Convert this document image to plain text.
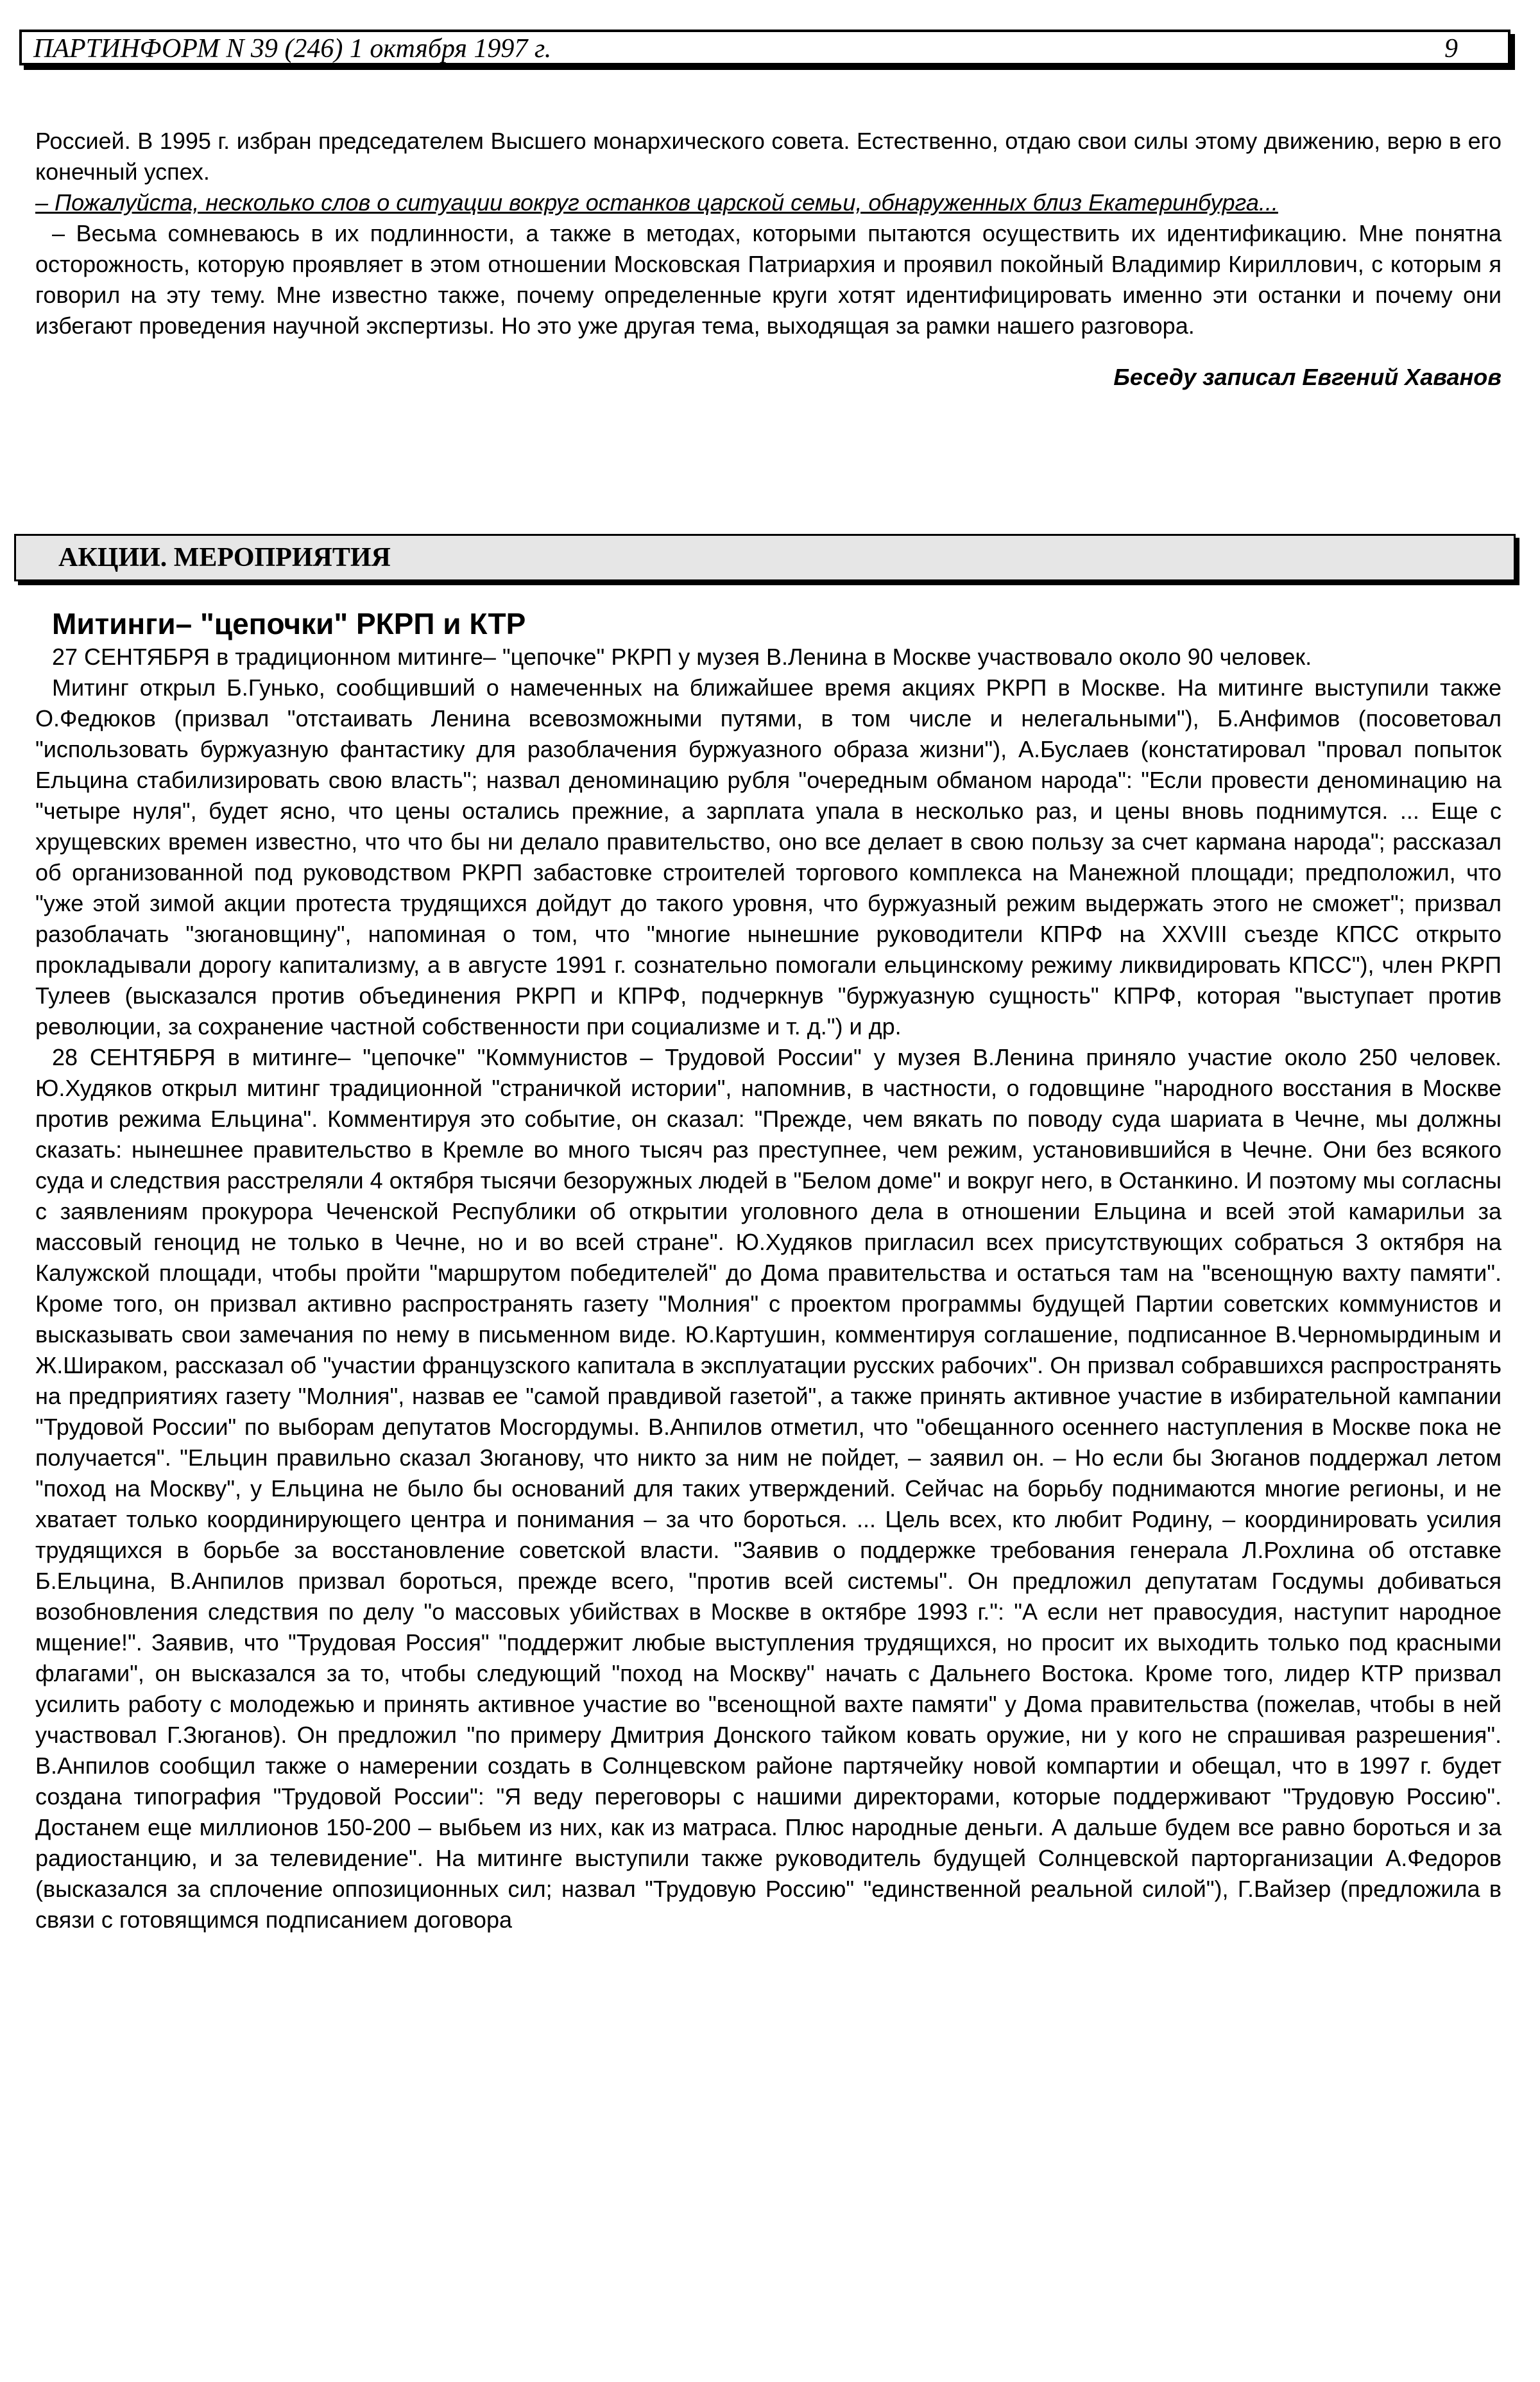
ПАРТИНФОРМ N 39 (246) 1 октября 1997 г.	9

Россией. В 1995 г. избран председателем Высшего монархического совета. Естественно, отдаю свои силы этому движению, верю в его конечный успех.

– Пожалуйста, несколько слов о ситуации вокруг останков царской семьи, обнаруженных близ Екатеринбурга...

– Весьма сомневаюсь в их подлинности, а также в методах, которыми пытаются осуществить их идентификацию. Мне понятна осторожность, которую проявляет в этом отношении Московская Патриархия и проявил покойный Владимир Кириллович, с которым я говорил на эту тему. Мне известно также, почему определенные круги хотят идентифицировать именно эти останки и почему они избегают проведения научной экспертизы. Но это уже другая тема, выходящая за рамки нашего разговора.

Беседу записал Евгений Хаванов

АКЦИИ. МЕРОПРИЯТИЯ
Митинги– "цепочки" РКРП и КТР

27 СЕНТЯБРЯ в традиционном митинге– "цепочке" РКРП у музея В.Ленина в Москве участвовало около 90 человек.

Митинг открыл Б.Гунько, сообщивший о намеченных на ближайшее время акциях РКРП в Москве. На митинге выступили также О.Федюков (призвал "отстаивать Ленина всевозможными путями, в том числе и нелегальными"), Б.Анфимов (посоветовал "использовать буржуазную фантастику для разоблачения буржуазного образа жизни"), А.Буслаев (констатировал "провал попыток Ельцина стабилизировать свою власть"; назвал деноминацию рубля "очередным обманом народа": "Если провести деноминацию на "четыре нуля", будет ясно, что цены остались прежние, а зарплата упала в несколько раз, и цены вновь поднимутся. ... Еще с хрущевских времен известно, что что бы ни делало правительство, оно все делает в свою пользу за счет кармана народа"; рассказал об организованной под руководством РКРП забастовке строителей торгового комплекса на Манежной площади; предположил, что "уже этой зимой акции протеста трудящихся дойдут до такого уровня, что буржуазный режим выдержать этого не сможет"; призвал разоблачать "зюгановщину", напоминая о том, что "многие нынешние руководители КПРФ на XXVIII съезде КПСС открыто прокладывали дорогу капитализму, а в августе 1991 г. сознательно помогали ельцинскому режиму ликвидировать КПСС"), член РКРП Тулеев (высказался против объединения РКРП и КПРФ, подчеркнув "буржуазную сущность" КПРФ, которая "выступает против революции, за сохранение частной собственности при социализме и т. д.") и др.

28 СЕНТЯБРЯ в митинге– "цепочке" "Коммунистов – Трудовой России" у музея В.Ленина приняло участие около 250 человек. Ю.Худяков открыл митинг традиционной "страничкой истории", напомнив, в частности, о годовщине "народного восстания в Москве против режима Ельцина". Комментируя это событие, он сказал: "Прежде, чем вякать по поводу суда шариата в Чечне, мы должны сказать: нынешнее правительство в Кремле во много тысяч раз преступнее, чем режим, установившийся в Чечне. Они без всякого суда и следствия расстреляли 4 октября тысячи безоружных людей в "Белом доме" и вокруг него, в Останкино. И поэтому мы согласны с заявлениям прокурора Чеченской Республики об открытии уголовного дела в отношении Ельцина и всей этой камарильи за массовый геноцид не только в Чечне, но и во всей стране". Ю.Худяков пригласил всех присутствующих собраться 3 октября на Калужской площади, чтобы пройти "маршрутом победителей" до Дома правительства и остаться там на "всенощную вахту памяти". Кроме того, он призвал активно распространять газету "Молния" с проектом программы будущей Партии советских коммунистов и высказывать свои замечания по нему в письменном виде. Ю.Картушин, комментируя соглашение, подписанное В.Черномырдиным и Ж.Шираком, рассказал об "участии французского капитала в эксплуатации русских рабочих". Он призвал собравшихся распространять на предприятиях газету "Молния", назвав ее "самой правдивой газетой", а также принять активное участие в избирательной кампании "Трудовой России" по выборам депутатов Мосгордумы. В.Анпилов отметил, что "обещанного осеннего наступления в Москве пока не получается". "Ельцин правильно сказал Зюганову, что никто за ним не пойдет, – заявил он. – Но если бы Зюганов поддержал летом "поход на Москву", у Ельцина не было бы оснований для таких утверждений. Сейчас на борьбу поднимаются многие регионы, и не хватает только координирующего центра и понимания – за что бороться. ... Цель всех, кто любит Родину, – координировать усилия трудящихся в борьбе за восстановление советской власти. "Заявив о поддержке требования генерала Л.Рохлина об отставке Б.Ельцина, В.Анпилов призвал бороться, прежде всего, "против всей системы". Он предложил депутатам Госдумы добиваться возобновления следствия по делу "о массовых убийствах в Москве в октябре 1993 г.": "А если нет правосудия, наступит народное мщение!". Заявив, что "Трудовая Россия" "поддержит любые выступления трудящихся, но просит их выходить только под красными флагами", он высказался за то, чтобы следующий "поход на Москву" начать с Дальнего Востока. Кроме того, лидер КТР призвал усилить работу с молодежью и принять активное участие во "всенощной вахте памяти" у Дома правительства (пожелав, чтобы в ней участвовал Г.Зюганов). Он предложил "по примеру Дмитрия Донского тайком ковать оружие, ни у кого не спрашивая разрешения". В.Анпилов сообщил также о намерении создать в Солнцевском районе партячейку новой компартии и обещал, что в 1997 г. будет создана типография "Трудовой России": "Я веду переговоры с нашими директорами, которые поддерживают "Трудовую Россию". Достанем еще миллионов 150-200 – выбьем из них, как из матраса. Плюс народные деньги. А дальше будем все равно бороться и за радиостанцию, и за телевидение". На митинге выступили также руководитель будущей Солнцевской парторганизации А.Федоров (высказался за сплочение оппозиционных сил; назвал "Трудовую Россию" "единственной реальной силой"), Г.Вайзер (предложила в связи с готовящимся подписанием договора
